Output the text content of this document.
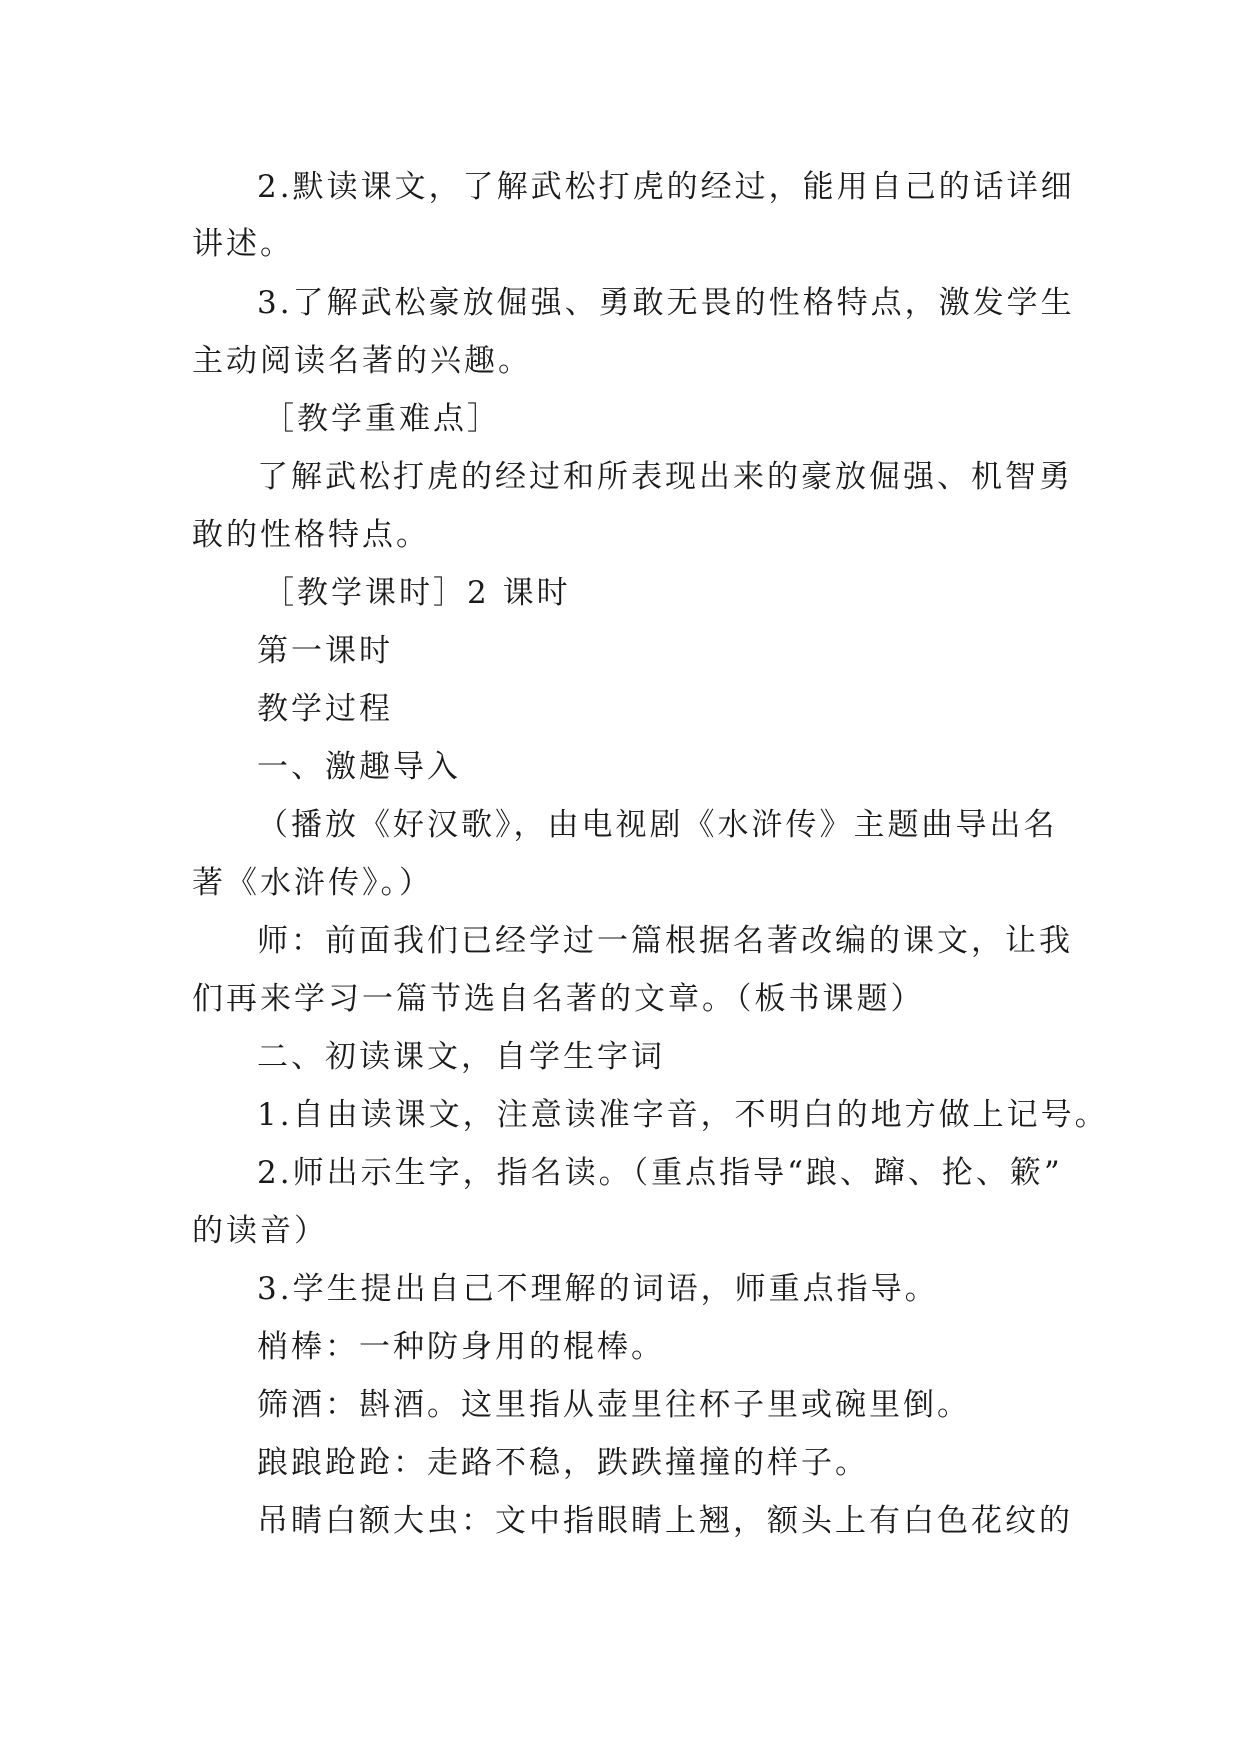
2.默读课文，了解武松打虎的经过，能用自己的话详细
讲述。
3.了解武松豪放倔强、勇敢无畏的性格特点，激发学生
主动阅读名著的兴趣。
［教学重难点］
了解武松打虎的经过和所表现出来的豪放倔强、机智勇
敢的性格特点。
［教学课时］2 课时
第一课时
教学过程
一、激趣导入
（播放《好汉歌》，由电视剧《水浒传》主题曲导出名
著《水浒传》。）
师：前面我们已经学过一篇根据名著改编的课文，让我
们再来学习一篇节选自名著的文章。（板书课题）
二、初读课文，自学生字词
1.自由读课文，注意读准字音，不明白的地方做上记号。
2.师出示生字，指名读。（重点指导“踉、蹿、抡、簌”
的读音）
3.学生提出自己不理解的词语，师重点指导。
梢棒：一种防身用的棍棒。
筛酒：斟酒。这里指从壶里往杯子里或碗里倒。
踉踉跄跄：走路不稳，跌跌撞撞的样子。
吊睛白额大虫：文中指眼睛上翘，额头上有白色花纹的
